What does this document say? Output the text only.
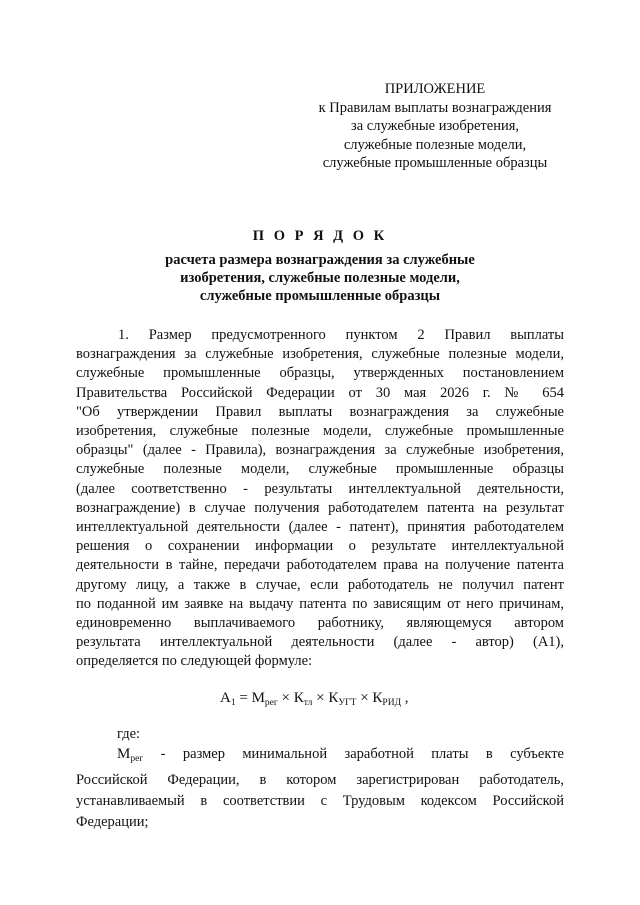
ПРИЛОЖЕНИЕ
к Правилам выплаты вознаграждения
за служебные изобретения,
служебные полезные модели,
служебные промышленные образцы
П О Р Я Д О К
расчета размера вознаграждения за служебные
изобретения, служебные полезные модели,
служебные промышленные образцы
1. Размер предусмотренного пунктом 2 Правил выплаты
вознаграждения за служебные изобретения, служебные полезные модели,
служебные промышленные образцы, утвержденных постановлением
Правительства Российской Федерации от 30 мая 2026 г. № 654
"Об утверждении Правил выплаты вознаграждения за служебные
изобретения, служебные полезные модели, служебные промышленные
образцы" (далее - Правила), вознаграждения за служебные изобретения,
служебные полезные модели, служебные промышленные образцы
(далее соответственно - результаты интеллектуальной деятельности,
вознаграждение) в случае получения работодателем патента на результат
интеллектуальной деятельности (далее - патент), принятия работодателем
решения о сохранении информации о результате интеллектуальной
деятельности в тайне, передачи работодателем права на получение патента
другому лицу, а также в случае, если работодатель не получил патент
по поданной им заявке на выдачу патента по зависящим от него причинам,
единовременно выплачиваемого работнику, являющемуся автором
результата интеллектуальной деятельности (далее - автор) (А1),
определяется по следующей формуле:
$А_1 = М_{рег} \times К_{тл} \times К_{УГТ} \times К_{РИД}$ ,
где:
$М_{рег}$ - размер минимальной заработной платы в субъекте
Российской Федерации, в котором зарегистрирован работодатель,
устанавливаемый в соответствии с Трудовым кодексом Российской
Федерации;
